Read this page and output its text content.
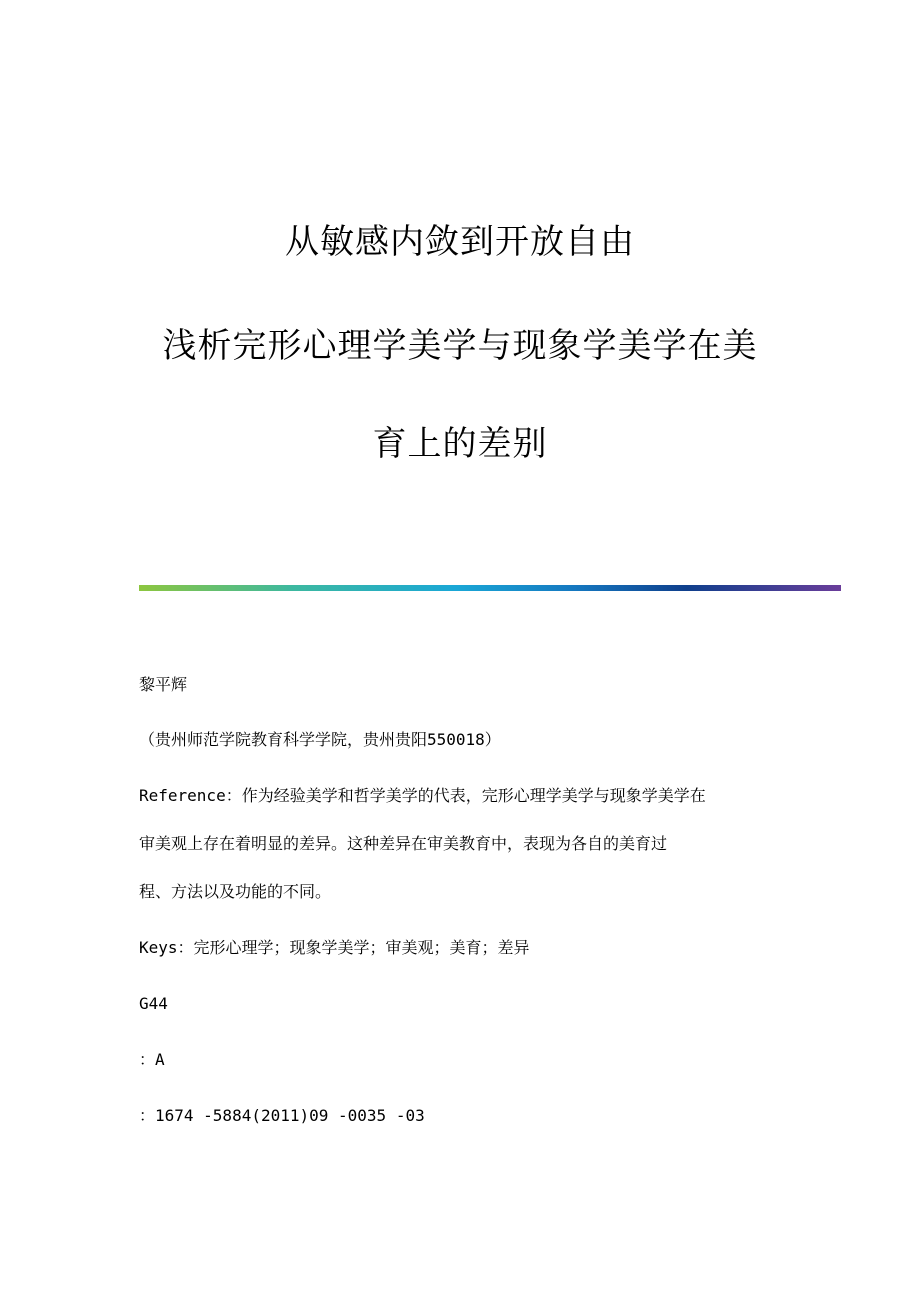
从敏感内敛到开放自由
浅析完形心理学美学与现象学美学在美
育上的差别
黎平辉
（贵州师范学院教育科学学院，贵州贵阳550018）
Reference：作为经验美学和哲学美学的代表，完形心理学美学与现象学美学在
审美观上存在着明显的差异。这种差异在审美教育中，表现为各自的美育过
程、方法以及功能的不同。
Keys：完形心理学；现象学美学；审美观；美育；差异
G44
：A
：1674 -5884(2011)09 -0035 -03
